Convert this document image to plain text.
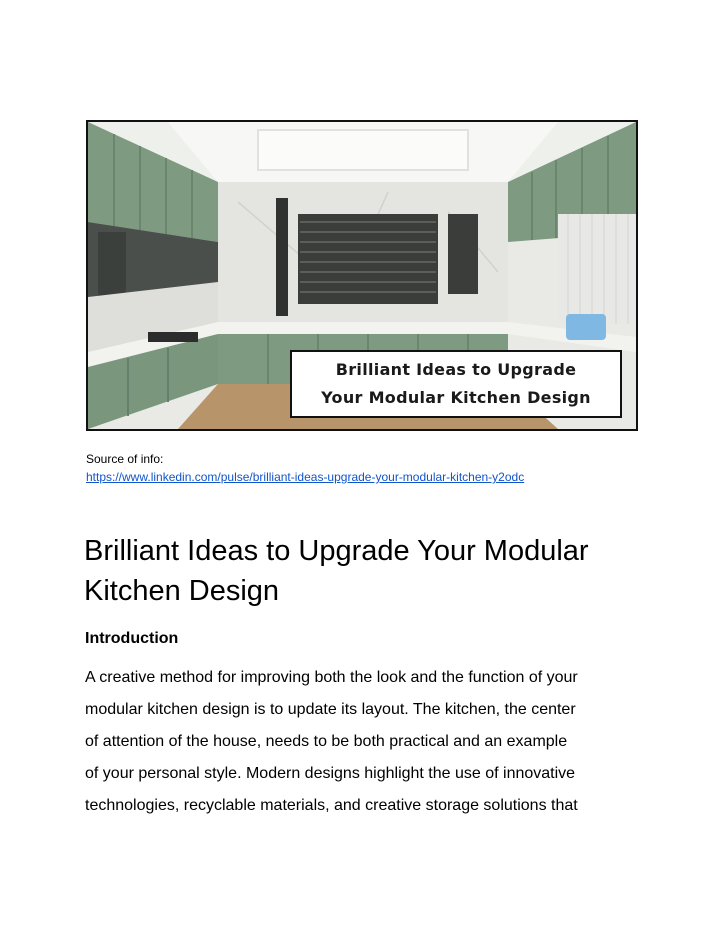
Brilliant Ideas to Upgrade
Your Modular Kitchen Design
Source of info:
https://www.linkedin.com/pulse/brilliant-ideas-upgrade-your-modular-kitchen-y2odc
Brilliant Ideas to Upgrade Your Modular Kitchen Design
Introduction

A creative method for improving both the look and the function of your
modular kitchen design is to update its layout. The kitchen, the center
of attention of the house, needs to be both practical and an example
of your personal style. Modern designs highlight the use of innovative
technologies, recyclable materials, and creative storage solutions that
